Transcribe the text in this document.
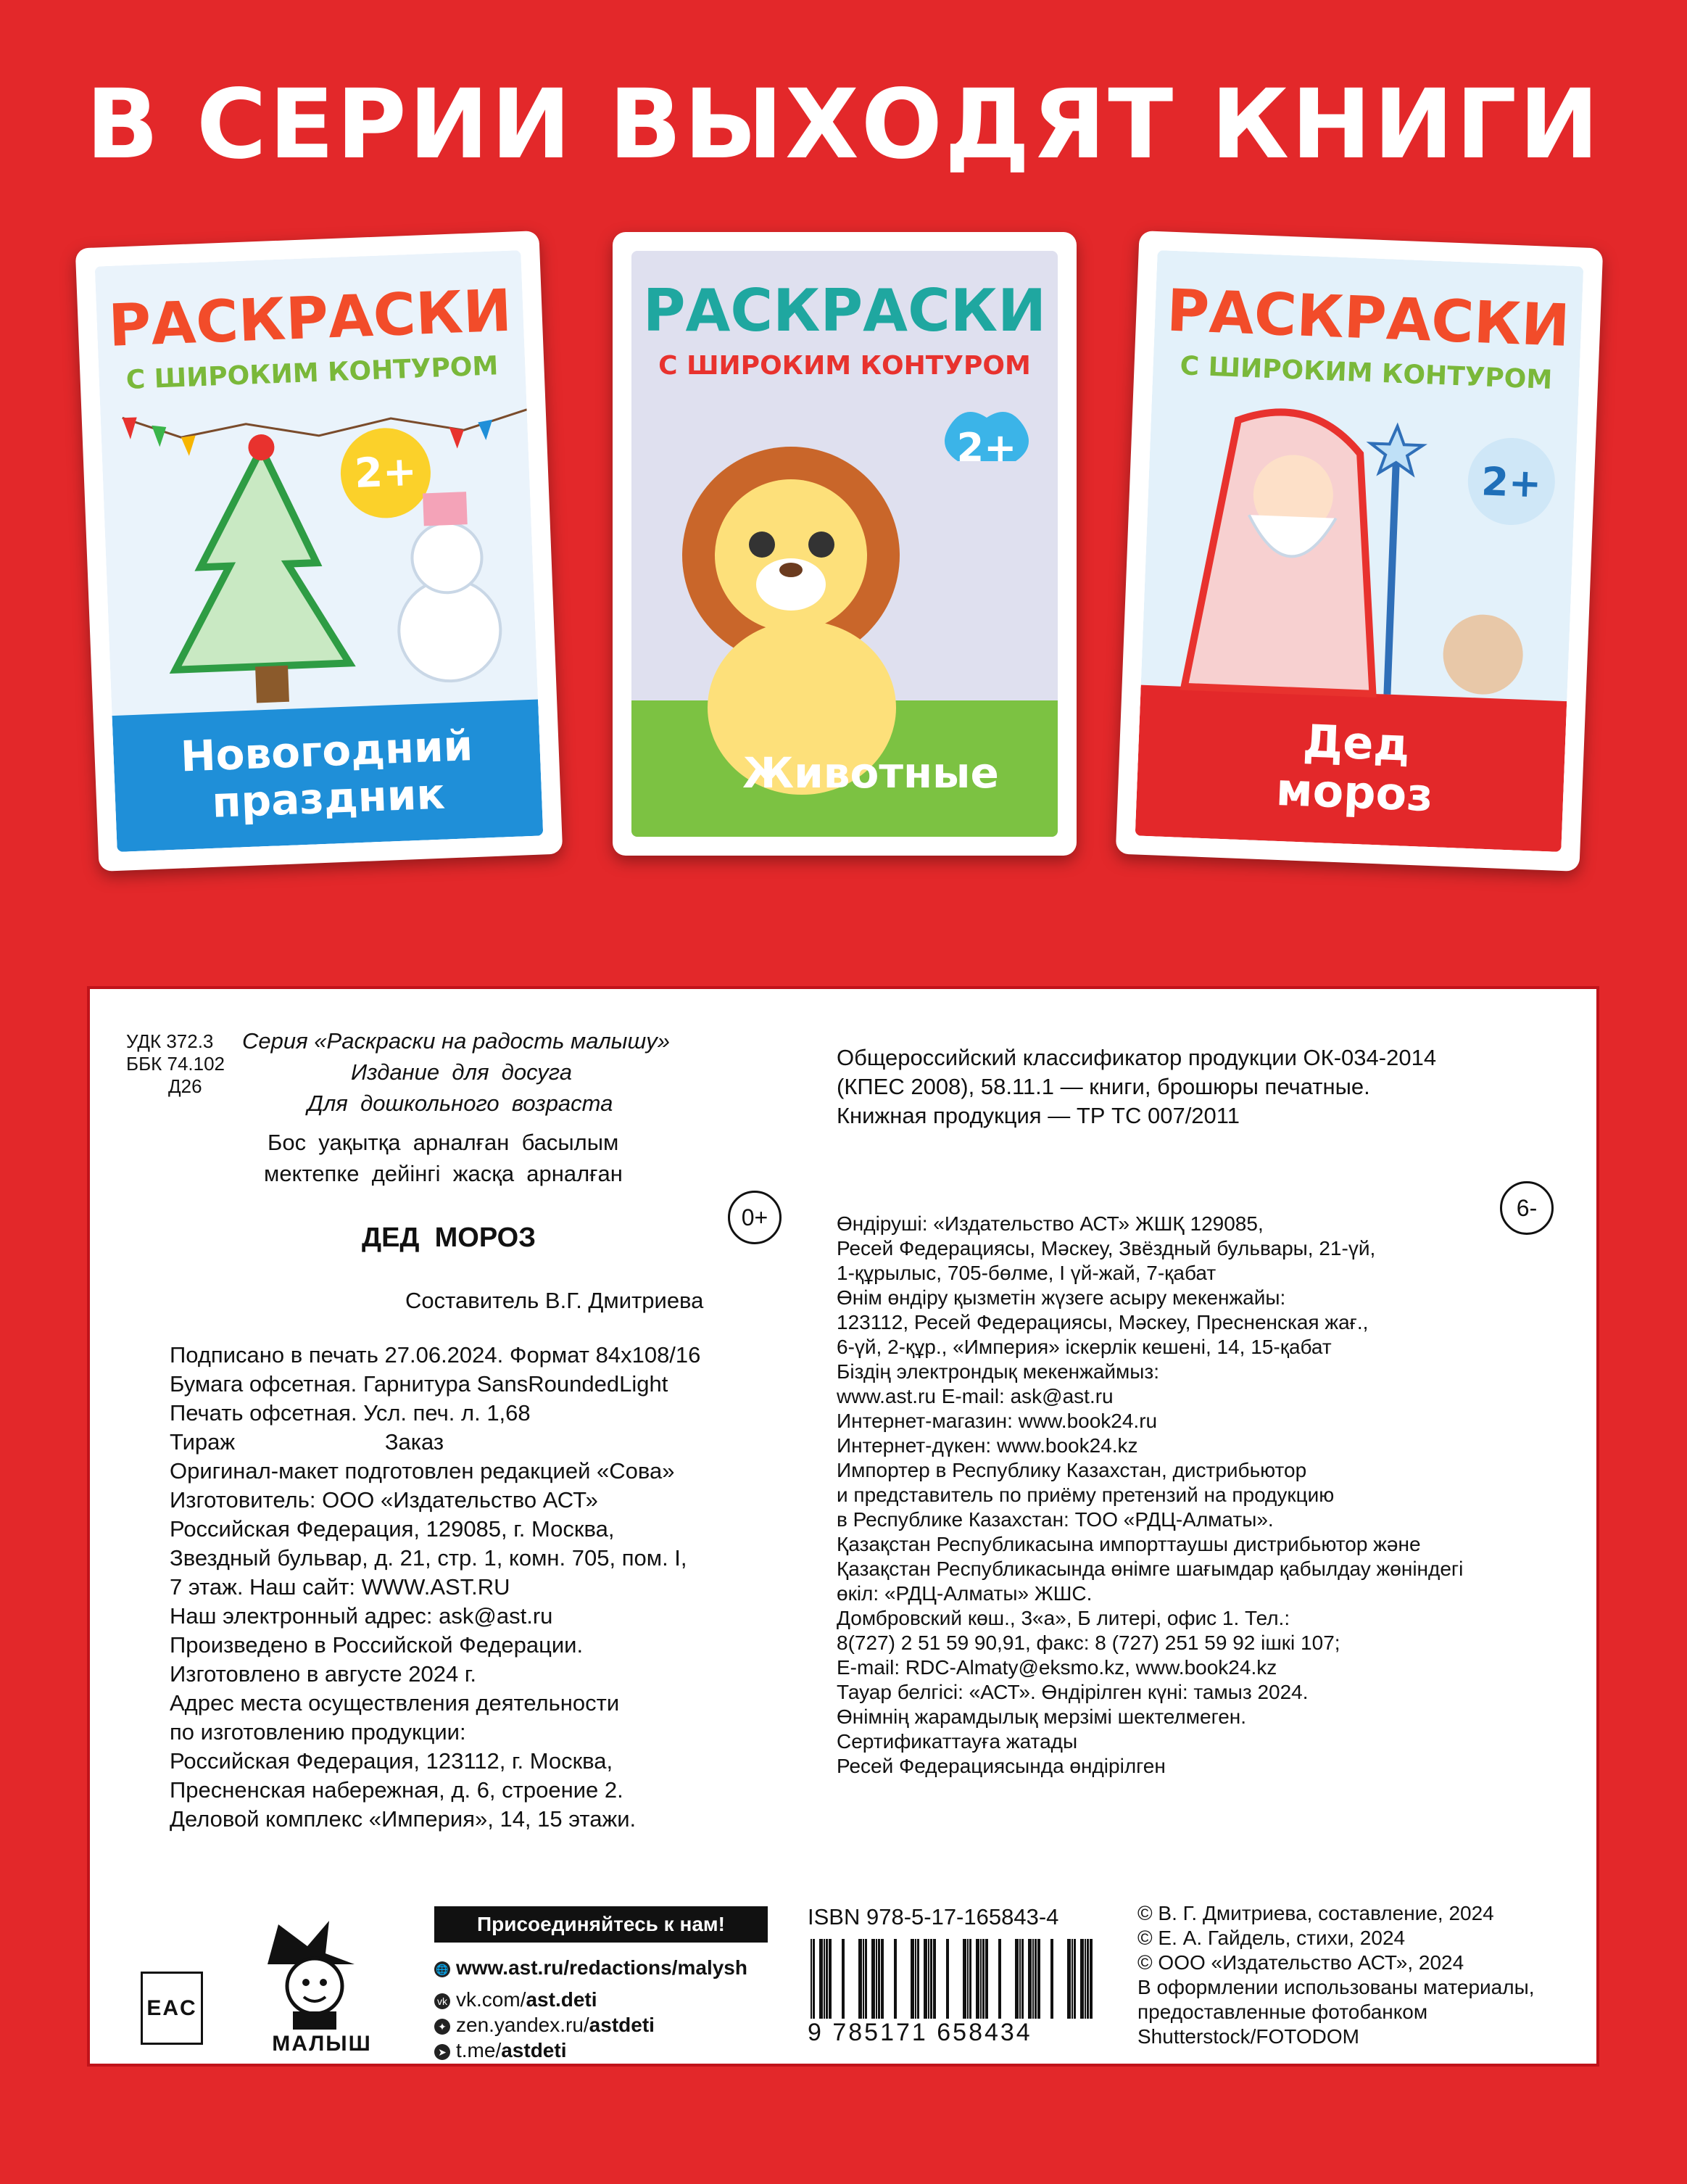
В СЕРИИ ВЫХОДЯТ КНИГИ
2+
РАСКРАСКИ
С ШИРОКИМ КОНТУРОМ
Новогодний
праздник
2+
РАСКРАСКИ
С ШИРОКИМ КОНТУРОМ
Животные
2+
РАСКРАСКИ
С ШИРОКИМ КОНТУРОМ
Дед
мороз
УДК 372.3
ББК 74.102
Д26
Серия «Раскраски на радость малышу»
Издание  для  досуга
Для  дошкольного  возраста
Бос  уақытқа  арналған  басылым
мектепке  дейінгі  жасқа  арналған
0+
ДЕД  МОРОЗ
Составитель В.Г. Дмитриева
Подписано в печать 27.06.2024. Формат 84x108/16
Бумага офсетная. Гарнитура SansRoundedLight
Печать офсетная. Усл. печ. л. 1,68
Тираж                        Заказ
Оригинал-макет подготовлен редакцией «Сова»
Изготовитель: ООО «Издательство АСТ»
Российская Федерация, 129085, г. Москва,
Звездный бульвар, д. 21, стр. 1, комн. 705, пом. I,
7 этаж. Наш сайт: WWW.AST.RU
Наш электронный адрес: ask@ast.ru
Произведено в Российской Федерации.
Изготовлено в августе 2024 г.
Адрес места осуществления деятельности
по изготовлению продукции:
Российская Федерация, 123112, г. Москва,
Пресненская набережная, д. 6, строение 2.
Деловой комплекс «Империя», 14, 15 этажи.
Общероссийский классификатор продукции ОК-034-2014
(КПЕС 2008), 58.11.1 — книги, брошюры печатные.
Книжная продукция — ТР ТС 007/2011
6-
Өндіруші: «Издательство АСТ» ЖШҚ 129085,
Ресей Федерациясы, Мәскеу, Звёздный бульвары, 21-үй,
1-құрылыс, 705-бөлме, I үй-жай, 7-қабат
Өнім өндіру қызметін жүзеге асыру мекенжайы:
123112, Ресей Федерациясы, Мәскеу, Пресненская жағ.,
6-үй, 2-құр., «Империя» іскерлік кешені, 14, 15-қабат
Біздің электрондық мекенжаймыз:
www.ast.ru E-mail: ask@ast.ru
Интернет-магазин: www.book24.ru
Интернет-дүкен: www.book24.kz
Импортер в Республику Казахстан, дистрибьютор
и представитель по приёму претензий на продукцию
в Республике Казахстан: ТОО «РДЦ-Алматы».
Қазақстан Республикасына импорттаушы дистрибьютор және
Қазақстан Республикасында өнімге шағымдар қабылдау жөніндегі
өкіл: «РДЦ-Алматы» ЖШС.
Домбровский көш., 3«а», Б литері, офис 1. Тел.:
8(727) 2 51 59 90,91, факс: 8 (727) 251 59 92 ішкі 107;
E-mail: RDC-Almaty@eksmo.kz, www.book24.kz
Тауар белгісі: «АСТ». Өндірілген күні: тамыз 2024.
Өнімнің жарамдылық мерзімі шектелмеген.
Сертификаттауға жатады
Ресей Федерациясында өндірілген
EAC
МАЛЫШ
Присоединяйтесь к нам!
🌐 www.ast.ru/redactions/malysh
vk vk.com/ast.deti
✦ zen.yandex.ru/astdeti
➤ t.me/astdeti
ISBN 978-5-17-165843-4
9 785171 658434
© В. Г. Дмитриева, составление, 2024
© Е. А. Гайдель, стихи, 2024
© ООО «Издательство АСТ», 2024
В оформлении использованы материалы,
предоставленные фотобанком
Shutterstock/FOTODOM
